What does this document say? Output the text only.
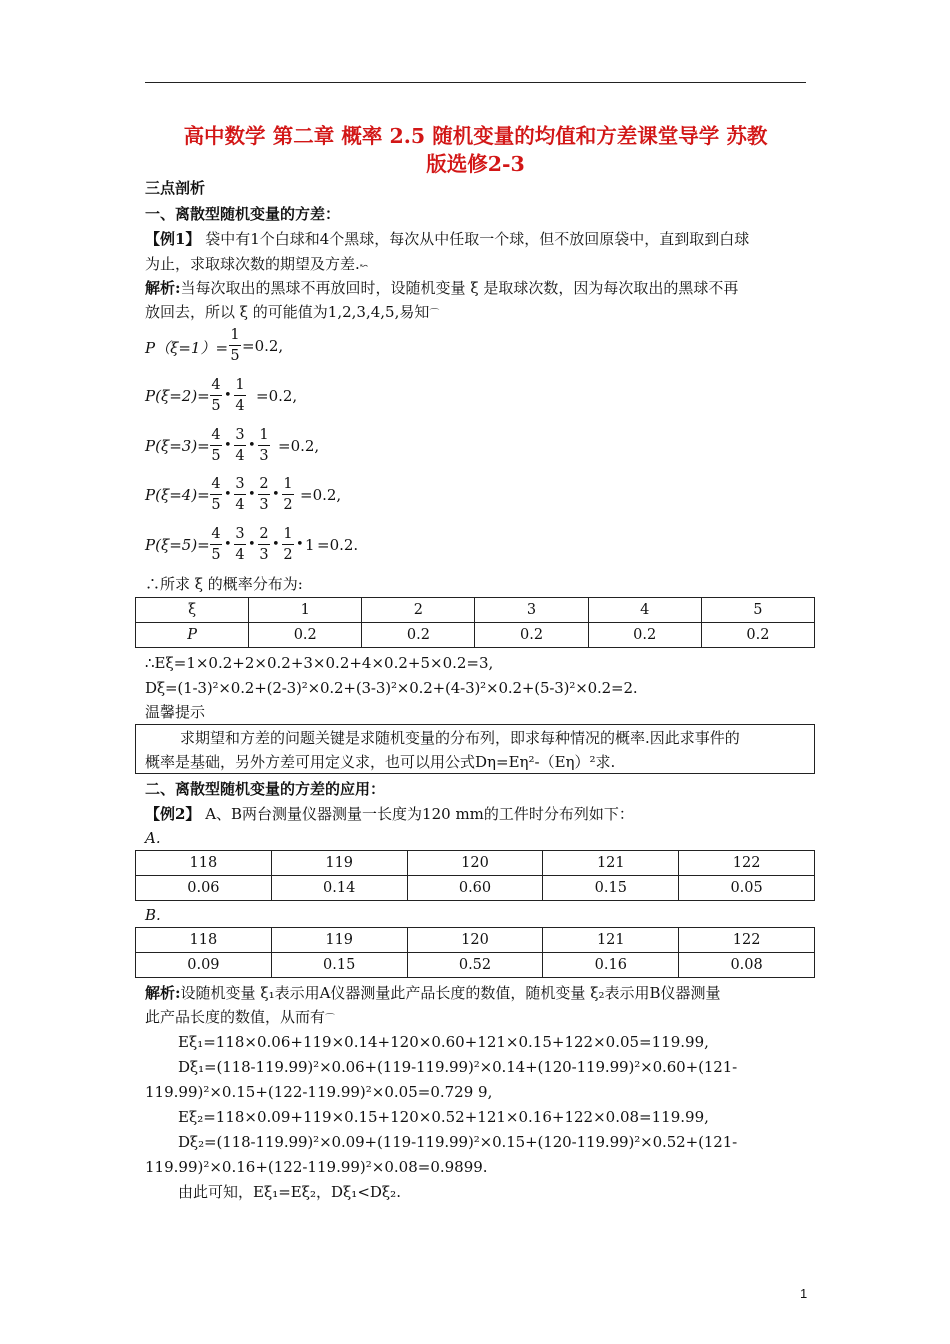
高中数学 第二章 概率 2.5 随机变量的均值和方差课堂导学 苏教
版选修2-3
三点剖析
一、离散型随机变量的方差：
【例1】 袋中有1个白球和4个黑球，每次从中任取一个球，但不放回原袋中，直到取到白球
为止，求取球次数的期望及方差.↜
解析:当每次取出的黑球不再放回时，设随机变量 ξ 是取球次数，因为每次取出的黑球不再
放回去，所以 ξ 的可能值为1,2,3,4,5,易知⌒
$P(\xi=1)= \frac{1}{5} =0.2$,
$P(\xi=2)= \frac{4}{5}$ • $\frac{1}{4} =0.2$,
$P(\xi=3)= \frac{4}{5}$ • $\frac{3}{4}$ • $\frac{1}{3} =0.2$,
$P(\xi=4)= \frac{4}{5}$ • $\frac{3}{4}$ • $\frac{2}{3}$ • $\frac{1}{2} =0.2$,
$P(\xi=5)= \frac{4}{5}$ • $\frac{3}{4}$ • $\frac{2}{3}$ • $\frac{1}{2}$ • 1 =0.2.
∴所求 ξ 的概率分布为:
ξ	1	2	3	4	5
P	0.2	0.2	0.2	0.2	0.2
∴Eξ=1×0.2+2×0.2+3×0.2+4×0.2+5×0.2=3,
Dξ=(1-3)²×0.2+(2-3)²×0.2+(3-3)²×0.2+(4-3)²×0.2+(5-3)²×0.2=2.
温馨提示
求期望和方差的问题关键是求随机变量的分布列，即求每种情况的概率.因此求事件的
概率是基础，另外方差可用定义求，也可以用公式Dη=Eη²-（Eη）²求.
二、离散型随机变量的方差的应用：
【例2】 A、B两台测量仪器测量一长度为120 mm的工件时分布列如下：
A.
118	119	120	121	122
0.06	0.14	0.60	0.15	0.05
B.
118	119	120	121	122
0.09	0.15	0.52	0.16	0.08
解析:设随机变量 ξ₁表示用A仪器测量此产品长度的数值，随机变量 ξ₂表示用B仪器测量
此产品长度的数值，从而有⌒
Eξ₁=118×0.06+119×0.14+120×0.60+121×0.15+122×0.05=119.99,
Dξ₁=(118-119.99)²×0.06+(119-119.99)²×0.14+(120-119.99)²×0.60+(121-
119.99)²×0.15+(122-119.99)²×0.05=0.729 9,
Eξ₂=118×0.09+119×0.15+120×0.52+121×0.16+122×0.08=119.99,
Dξ₂=(118-119.99)²×0.09+(119-119.99)²×0.15+(120-119.99)²×0.52+(121-
119.99)²×0.16+(122-119.99)²×0.08=0.9899.
由此可知，Eξ₁=Eξ₂，Dξ₁<Dξ₂.
1
